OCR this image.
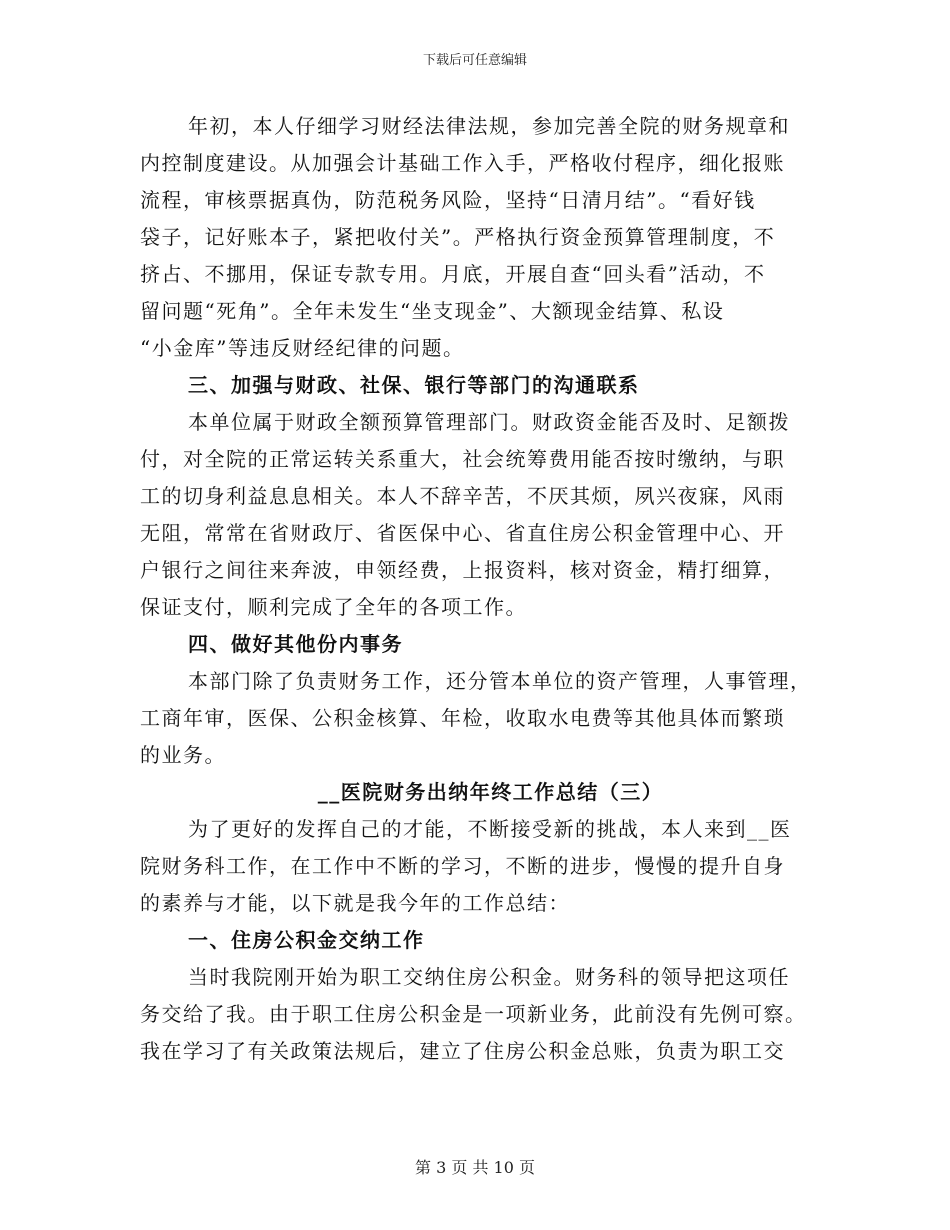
下载后可任意编辑
年初，本人仔细学习财经法律法规，参加完善全院的财务规章和
内控制度建设。从加强会计基础工作入手，严格收付程序，细化报账
流程，审核票据真伪，防范税务风险，坚持“日清月结”。“看好钱
袋子，记好账本子，紧把收付关”。严格执行资金预算管理制度，不
挤占、不挪用，保证专款专用。月底，开展自查“回头看”活动，不
留问题“死角”。全年未发生“坐支现金”、大额现金结算、私设
“小金库”等违反财经纪律的问题。
三、加强与财政、社保、银行等部门的沟通联系
本单位属于财政全额预算管理部门。财政资金能否及时、足额拨
付，对全院的正常运转关系重大，社会统筹费用能否按时缴纳，与职
工的切身利益息息相关。本人不辞辛苦，不厌其烦，夙兴夜寐，风雨
无阻，常常在省财政厅、省医保中心、省直住房公积金管理中心、开
户银行之间往来奔波，申领经费，上报资料，核对资金，精打细算，
保证支付，顺利完成了全年的各项工作。
四、做好其他份内事务
本部门除了负责财务工作，还分管本单位的资产管理，人事管理，
工商年审，医保、公积金核算、年检，收取水电费等其他具体而繁琐
的业务。
__医院财务出纳年终工作总结（三）
为了更好的发挥自己的才能，不断接受新的挑战，本人来到__医
院财务科工作，在工作中不断的学习，不断的进步，慢慢的提升自身
的素养与才能，以下就是我今年的工作总结：
一、住房公积金交纳工作
当时我院刚开始为职工交纳住房公积金。财务科的领导把这项任
务交给了我。由于职工住房公积金是一项新业务，此前没有先例可察。
我在学习了有关政策法规后，建立了住房公积金总账，负责为职工交
第 3 页 共 10 页
